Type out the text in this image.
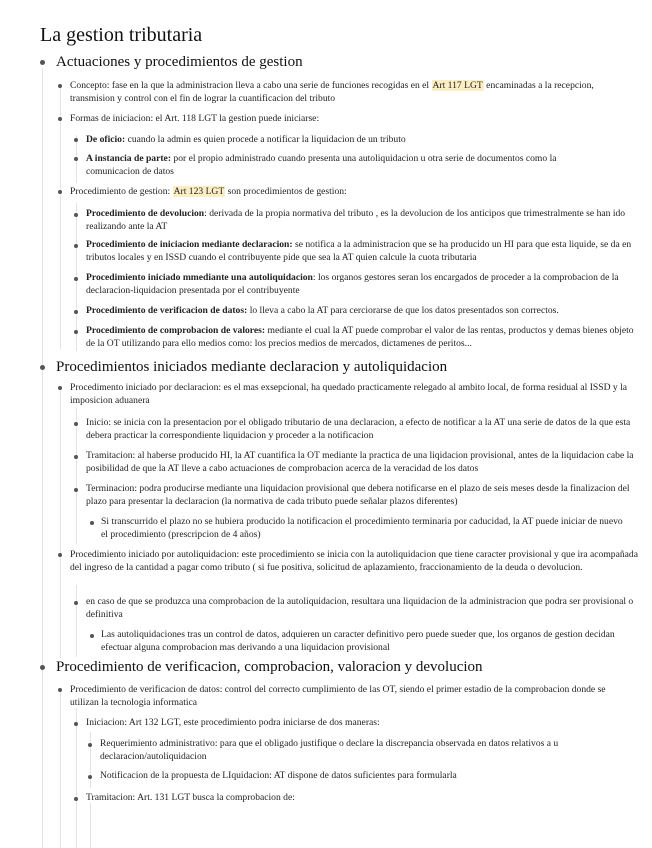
La gestion tributaria
Actuaciones y procedimientos de gestion
Concepto: fase en la que la administracion lleva a cabo una serie de funciones recogidas en el Art 117 LGT encaminadas a la recepcion, transmision y control con el fin de lograr la cuantificacion del tributo
Formas de iniciacion: el Art. 118 LGT la gestion puede iniciarse:
De oficio: cuando la admin es quien procede a notificar la liquidacion de un tributo
A instancia de parte: por el propio administrado cuando presenta una autoliquidacion u otra serie de documentos como la comunicacion de datos
Procedimiento de gestion: Art 123 LGT son procedimientos de gestion:
Procedimiento de devolucion: derivada de la propia normativa del tributo , es la devolucion de los anticipos que trimestralmente se han ido realizando ante la AT
Procedimiento de iniciacion mediante declaracion: se notifica a la administracion que se ha producido un HI para que esta liquide, se da en tributos locales y en ISSD cuando el contribuyente pide que sea la AT quien calcule la cuota tributaria
Procedimiento iniciado mmediante una autoliquidacion: los organos gestores seran los encargados de proceder a la comprobacion de la declaracion-liquidacion presentada por el contribuyente
Procedimiento de verificacion de datos: lo lleva a cabo la AT para cerciorarse de que los datos presentados son correctos.
Procedimiento de comprobacion de valores: mediante el cual la AT puede comprobar el valor de las rentas, productos y demas bienes objeto de la OT utilizando para ello medios como: los precios medios de mercados, dictamenes de peritos...
Procedimientos iniciados mediante declaracion y autoliquidacion
Procedimento iniciado por declaracion: es el mas exsepcional, ha quedado practicamente relegado al ambito local, de forma residual al ISSD y la imposicion aduanera
Inicio: se inicia con la presentacion por el obligado tributario de una declaracion, a efecto de notificar a la AT una serie de datos de la que esta debera practicar la correspondiente liquidacion y proceder a la notificacion
Tramitacion: al haberse producido HI, la AT cuantifica la OT mediante la practica de una liqidacion provisional, antes de la liquidacion cabe la posibilidad de que la AT lleve a cabo actuaciones de comprobacion acerca de la veracidad de los datos
Terminacion: podra producirse mediante una liquidacion provisional que debera notificarse en el plazo de seis meses desde la finalizacion del plazo para presentar la declaracion (la normativa de cada tributo puede señalar plazos diferentes)
Si transcurrido el plazo no se hubiera producido la notificacion el procedimiento terminaria por caducidad, la AT puede iniciar de nuevo el procedimiento (prescripcion de 4 años)
Procedimiento iniciado por autoliquidacion: este procedimiento se inicia con la autoliquidacion que tiene caracter provisional y que ira acompañada del ingreso de la cantidad a pagar como tributo ( si fue positiva, solicitud de aplazamiento, fraccionamiento de la deuda o devolucion.
en caso de que se produzca una comprobacion de la autoliquidacion, resultara una liquidacion de la administracion que podra ser provisional o definitiva
Las autoliquidaciones tras un control de datos, adquieren un caracter definitivo pero puede sueder que, los organos de gestion decidan efectuar alguna comprobacion mas derivando a una liquidacion provisional
Procedimiento de verificacion, comprobacion, valoracion y devolucion
Procedimiento de verificacion de datos: control del correcto cumplimiento de las OT, siendo el primer estadio de la comprobacion donde se utilizan la tecnologia informatica
Iniciacion: Art 132 LGT, este procedimiento podra iniciarse de dos maneras:
Requerimiento administrativo: para que el obligado justifique o declare la discrepancia observada en datos relativos a u declaracion/autoliquidacion
Notificacion de la propuesta de LIquidacion: AT dispone de datos suficientes para formularla
Tramitacion: Art. 131 LGT busca la comprobacion de:
